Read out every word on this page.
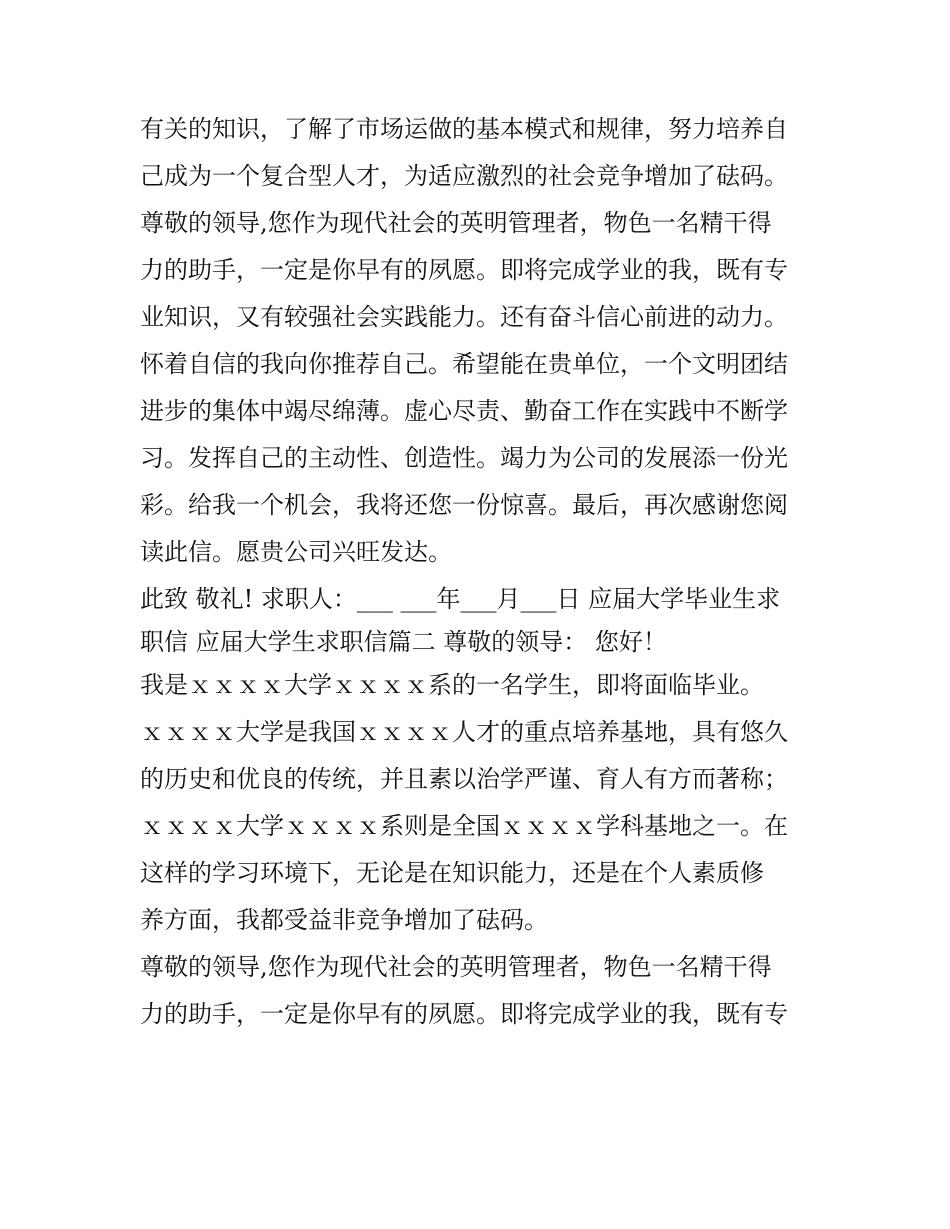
有关的知识，了解了市场运做的基本模式和规律，努力培养自
己成为一个复合型人才，为适应激烈的社会竞争增加了砝码。
尊敬的领导,您作为现代社会的英明管理者，物色一名精干得
力的助手，一定是你早有的夙愿。即将完成学业的我，既有专
业知识，又有较强社会实践能力。还有奋斗信心前进的动力。
怀着自信的我向你推荐自己。希望能在贵单位，一个文明团结
进步的集体中竭尽绵薄。虚心尽责、勤奋工作在实践中不断学
习。发挥自己的主动性、创造性。竭力为公司的发展添一份光
彩。给我一个机会，我将还您一份惊喜。最后，再次感谢您阅
读此信。愿贵公司兴旺发达。
此致 敬礼! 求职人：___ ___年___月___日 应届大学毕业生求
职信 应届大学生求职信篇二 尊敬的领导： 您好！
我是ｘｘｘｘ大学ｘｘｘｘ系的一名学生，即将面临毕业。
ｘｘｘｘ大学是我国ｘｘｘｘ人才的重点培养基地，具有悠久
的历史和优良的传统，并且素以治学严谨、育人有方而著称；
ｘｘｘｘ大学ｘｘｘｘ系则是全国ｘｘｘｘ学科基地之一。在
这样的学习环境下，无论是在知识能力，还是在个人素质修
养方面，我都受益非竞争增加了砝码。
尊敬的领导,您作为现代社会的英明管理者，物色一名精干得
力的助手，一定是你早有的夙愿。即将完成学业的我，既有专
